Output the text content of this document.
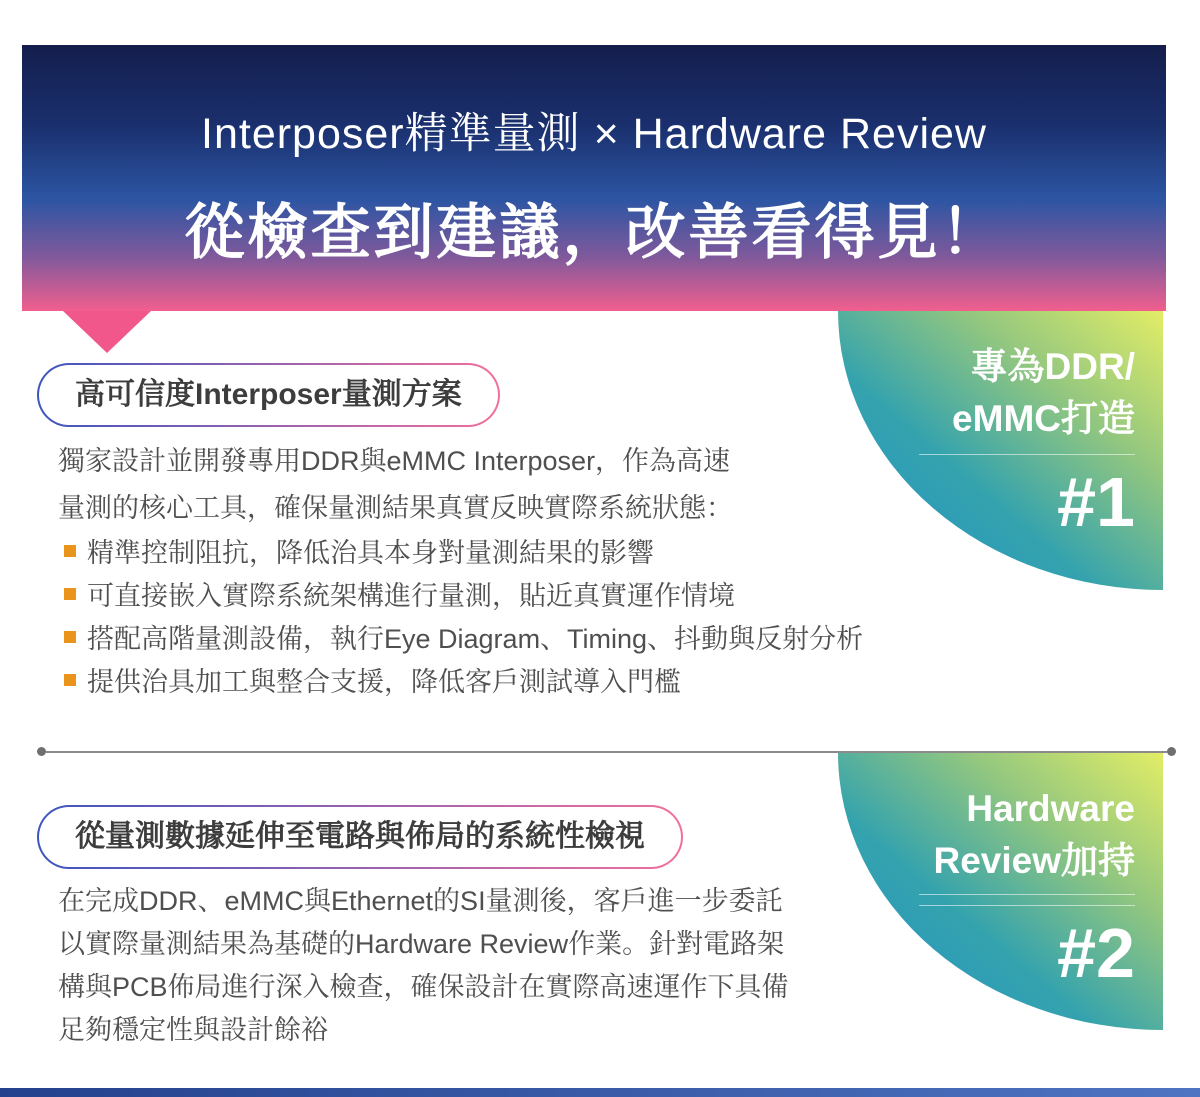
Interposer精準量測 × Hardware Review
從檢查到建議，改善看得見！
專為DDR/
eMMC打造
#1
高可信度Interposer量測方案
獨家設計並開發專用DDR與eMMC Interposer，作為高速
量測的核心工具，確保量測結果真實反映實際系統狀態：
精準控制阻抗，降低治具本身對量測結果的影響
可直接嵌入實際系統架構進行量測，貼近真實運作情境
搭配高階量測設備，執行Eye Diagram、Timing、抖動與反射分析
提供治具加工與整合支援，降低客戶測試導入門檻
Hardware
Review加持
#2
從量測數據延伸至電路與佈局的系統性檢視
在完成DDR、eMMC與Ethernet的SI量測後，客戶進一步委託
以實際量測結果為基礎的Hardware Review作業。針對電路架
構與PCB佈局進行深入檢查，確保設計在實際高速運作下具備
足夠穩定性與設計餘裕
